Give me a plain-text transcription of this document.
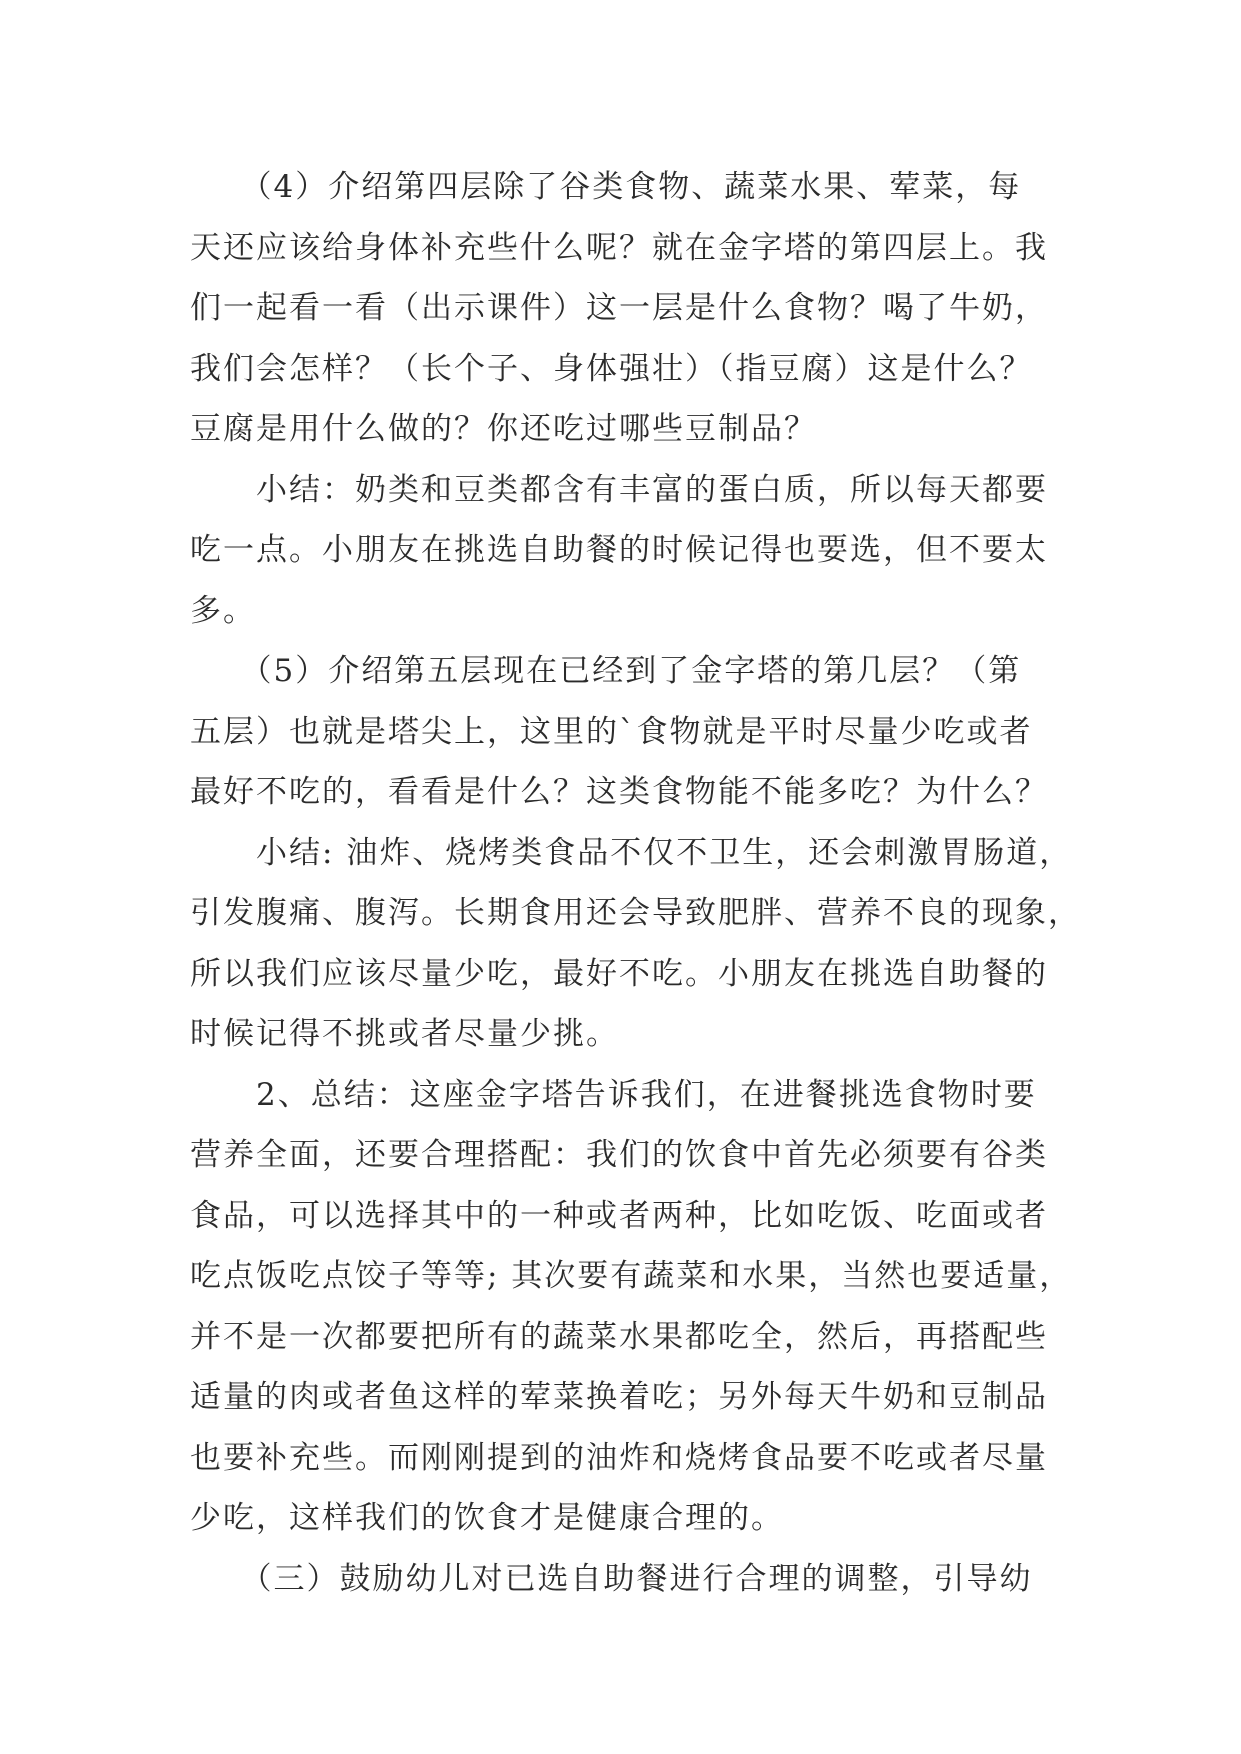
　　（4）介绍第四层除了谷类食物、蔬菜水果、荤菜，每
天还应该给身体补充些什么呢？就在金字塔的第四层上。我
们一起看一看（出示课件）这一层是什么食物？喝了牛奶，
我们会怎样？（长个子、身体强壮）（指豆腐）这是什么？
豆腐是用什么做的？你还吃过哪些豆制品？

　　小结：奶类和豆类都含有丰富的蛋白质，所以每天都要
吃一点。小朋友在挑选自助餐的时候记得也要选，但不要太
多。

　　（5）介绍第五层现在已经到了金字塔的第几层？（第
五层）也就是塔尖上，这里的`食物就是平时尽量少吃或者
最好不吃的，看看是什么？这类食物能不能多吃？为什么？

　　小结: 油炸、烧烤类食品不仅不卫生，还会刺激胃肠道，
引发腹痛、腹泻。长期食用还会导致肥胖、营养不良的现象，
所以我们应该尽量少吃，最好不吃。小朋友在挑选自助餐的
时候记得不挑或者尽量少挑。

　　2、总结：这座金字塔告诉我们，在进餐挑选食物时要
营养全面，还要合理搭配：我们的饮食中首先必须要有谷类
食品，可以选择其中的一种或者两种，比如吃饭、吃面或者
吃点饭吃点饺子等等; 其次要有蔬菜和水果，当然也要适量，
并不是一次都要把所有的蔬菜水果都吃全，然后，再搭配些
适量的肉或者鱼这样的荤菜换着吃；另外每天牛奶和豆制品
也要补充些。而刚刚提到的油炸和烧烤食品要不吃或者尽量
少吃，这样我们的饮食才是健康合理的。

　　（三）鼓励幼儿对已选自助餐进行合理的调整，引导幼
